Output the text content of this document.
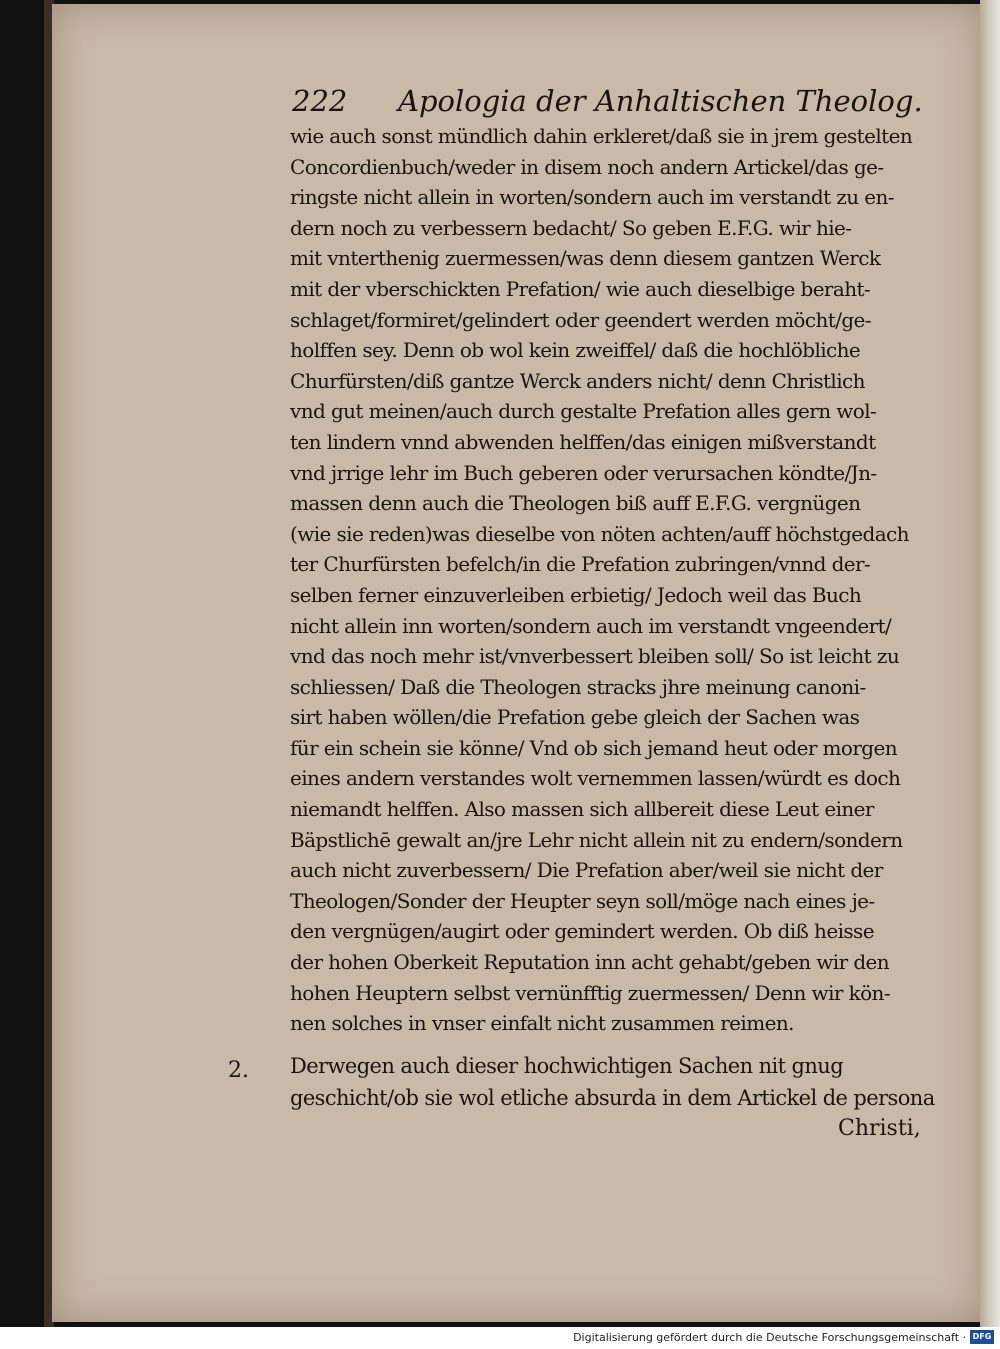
222 Apologia der Anhaltischen Theolog.
wie auch sonst mündlich dahin erkleret/daß sie in jrem gestelten
Concordienbuch/weder in disem noch andern Artickel/das ge-
ringste nicht allein in worten/sondern auch im verstandt zu en-
dern noch zu verbessern bedacht/ So geben E.F.G. wir hie-
mit vnterthenig zuermessen/was denn diesem gantzen Werck
mit der vberschickten Prefation/ wie auch dieselbige beraht-
schlaget/formiret/gelindert oder geendert werden möcht/ge-
holffen sey. Denn ob wol kein zweiffel/ daß die hochlöbliche
Churfürsten/diß gantze Werck anders nicht/ denn Christlich
vnd gut meinen/auch durch gestalte Prefation alles gern wol-
ten lindern vnnd abwenden helffen/das einigen mißverstandt
vnd jrrige lehr im Buch geberen oder verursachen köndte/Jn-
massen denn auch die Theologen biß auff E.F.G. vergnügen
(wie sie reden)was dieselbe von nöten achten/auff höchstgedach
ter Churfürsten befelch/in die Prefation zubringen/vnnd der-
selben ferner einzuverleiben erbietig/ Jedoch weil das Buch
nicht allein inn worten/sondern auch im verstandt vngeendert/
vnd das noch mehr ist/vnverbessert bleiben soll/ So ist leicht zu
schliessen/ Daß die Theologen stracks jhre meinung canoni-
sirt haben wöllen/die Prefation gebe gleich der Sachen was
für ein schein sie könne/ Vnd ob sich jemand heut oder morgen
eines andern verstandes wolt vernemmen lassen/würdt es doch
niemandt helffen. Also massen sich allbereit diese Leut einer
Bäpstlichē gewalt an/jre Lehr nicht allein nit zu endern/sondern
auch nicht zuverbessern/ Die Prefation aber/weil sie nicht der
Theologen/Sonder der Heupter seyn soll/möge nach eines je-
den vergnügen/augirt oder gemindert werden. Ob diß heisse
der hohen Oberkeit Reputation inn acht gehabt/geben wir den
hohen Heuptern selbst vernünfftig zuermessen/ Denn wir kön-
nen solches in vnser einfalt nicht zusammen reimen.
2. Derwegen auch dieser hochwichtigen Sachen nit gnug
geschicht/ob sie wol etliche absurda in dem Artickel de persona
Christi,
Digitalisierung gefördert durch die Deutsche Forschungsgemeinschaft · DFG
